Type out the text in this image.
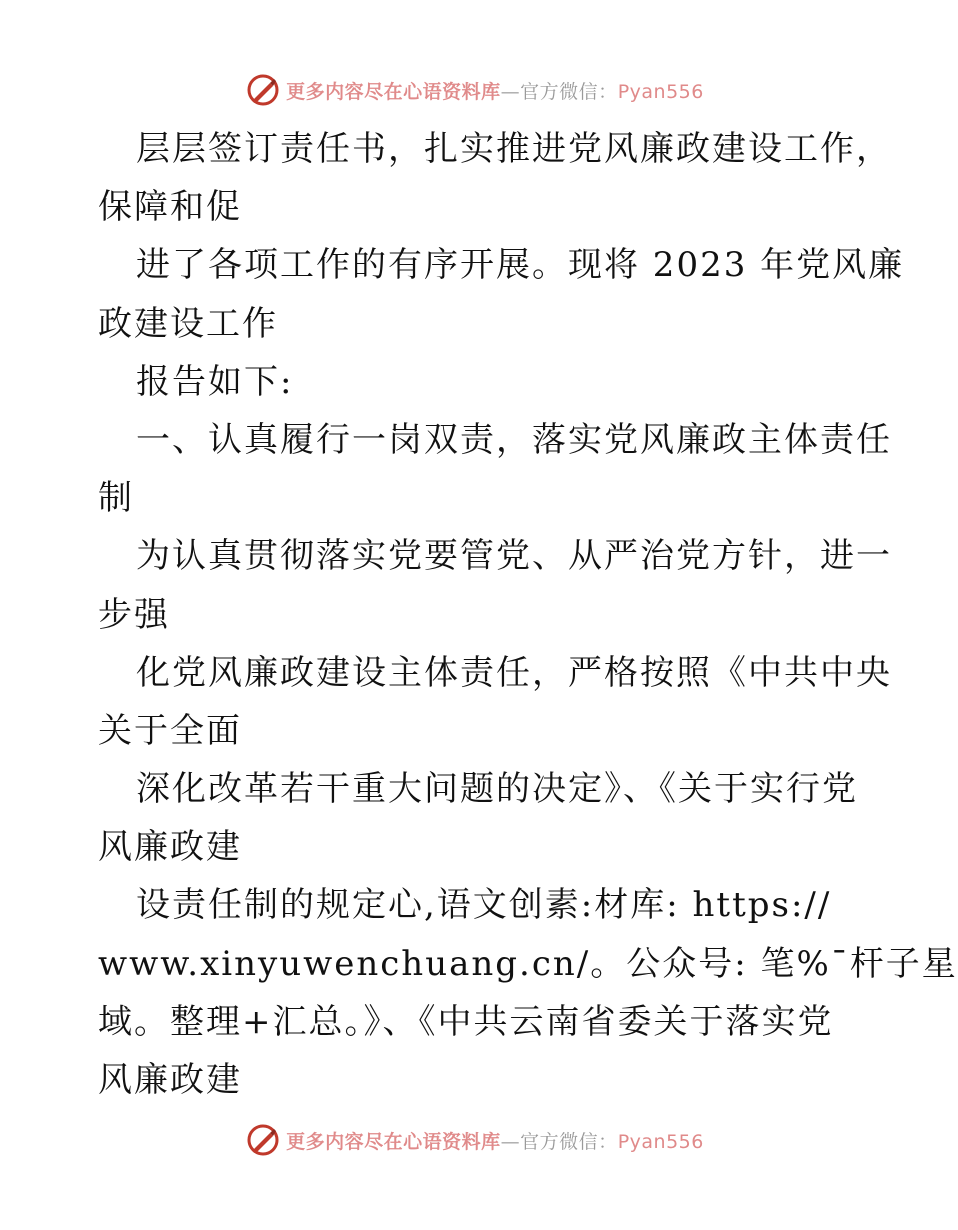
更多内容尽在心语资料库—官方微信：Pyan556
层层签订责任书，扎实推进党风廉政建设工作，
保障和促
进了各项工作的有序开展。现将 2023 年党风廉
政建设工作
报告如下:
一、认真履行一岗双责，落实党风廉政主体责任
制
为认真贯彻落实党要管党、从严治党方针，进一
步强
化党风廉政建设主体责任，严格按照《中共中央
关于全面
深化改革若干重大问题的决定》、《关于实行党
风廉政建
设责任制的规定心,语文创素:材库: https://
www.xinyuwenchuang.cn/。公众号: 笔%¯杆子星
域。整理+汇总。》、《中共云南省委关于落实党
风廉政建
更多内容尽在心语资料库—官方微信：Pyan556
